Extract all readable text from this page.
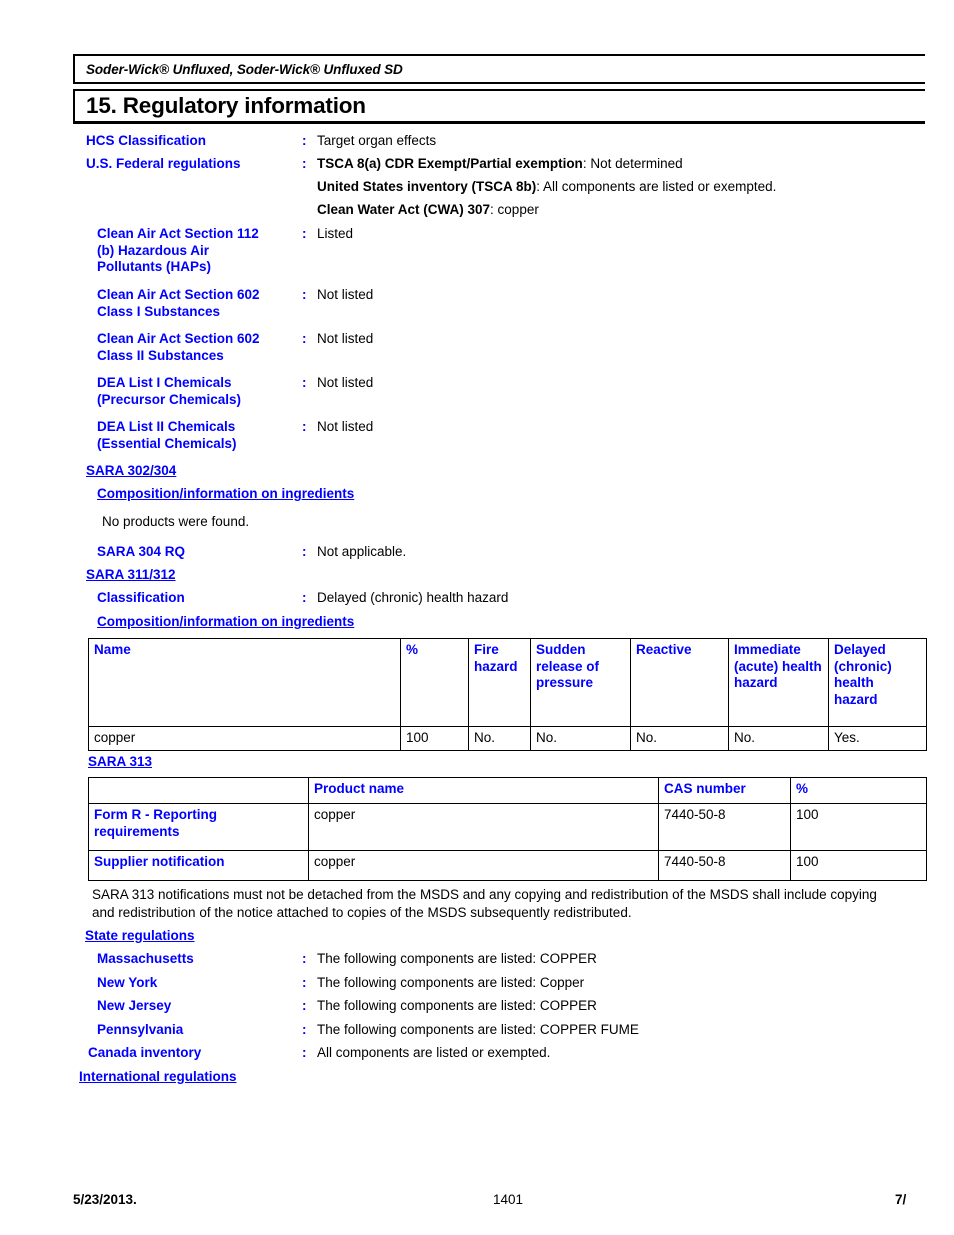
Soder-Wick® Unfluxed, Soder-Wick® Unfluxed SD
15. Regulatory information
HCS Classification	: Target organ effects
U.S. Federal regulations	: TSCA 8(a) CDR Exempt/Partial exemption: Not determined
United States inventory (TSCA 8b): All components are listed or exempted.
Clean Water Act (CWA) 307: copper
Clean Air Act Section 112
(b) Hazardous Air
Pollutants (HAPs)
: Listed
Clean Air Act Section 602
Class I Substances
: Not listed
Clean Air Act Section 602
Class II Substances
: Not listed
DEA List I Chemicals
(Precursor Chemicals)
: Not listed
DEA List II Chemicals
(Essential Chemicals)
: Not listed
SARA 302/304
Composition/information on ingredients
No products were found.
SARA 304 RQ	: Not applicable.
SARA 311/312
Classification	: Delayed (chronic) health hazard
Composition/information on ingredients
Name	%	Fire hazard	Sudden release of pressure	Reactive	Immediate (acute) health hazard	Delayed (chronic) health hazard
copper	100	No.	No.	No.	No.	Yes.
SARA 313
	Product name	CAS number	%
Form R - Reporting requirements	copper	7440-50-8	100
Supplier notification	copper	7440-50-8	100
SARA 313 notifications must not be detached from the MSDS and any copying and redistribution of the MSDS shall include copying and redistribution of the notice attached to copies of the MSDS subsequently redistributed.
State regulations
Massachusetts	: The following components are listed: COPPER
New York	: The following components are listed: Copper
New Jersey	: The following components are listed: COPPER
Pennsylvania	: The following components are listed: COPPER FUME
Canada inventory	: All components are listed or exempted.
International regulations
5/23/2013.	1401	7/
